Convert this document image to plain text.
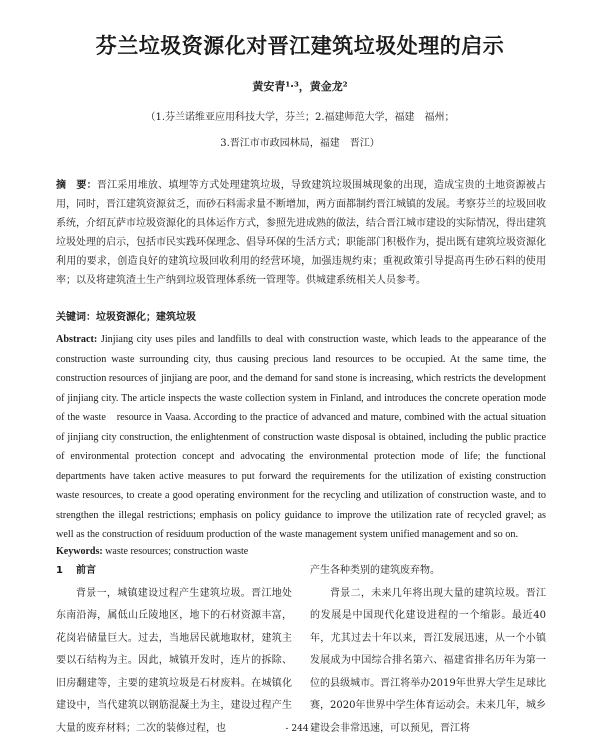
芬兰垃圾资源化对晋江建筑垃圾处理的启示
黄安青¹·³，黄金龙²
（1.芬兰诺维亚应用科技大学，芬兰；2.福建师范大学，福建　福州；
3.晋江市市政园林局，福建　晋江）
摘　要：晋江采用堆放、填埋等方式处理建筑垃圾，导致建筑垃圾围城现象的出现，造成宝贵的土地资源被占用，同时，晋江建筑资源贫乏，而砂石料需求量不断增加，两方面都制约晋江城镇的发展。考察芬兰的垃圾回收系统，介绍瓦萨市垃圾资源化的具体运作方式，参照先进成熟的做法，结合晋江城市建设的实际情况，得出建筑垃圾处理的启示，包括市民实践环保理念、倡导环保的生活方式；职能部门积极作为，提出既有建筑垃圾资源化利用的要求，创造良好的建筑垃圾回收利用的经营环境，加强违规约束；重视政策引导提高再生砂石料的使用率；以及将建筑渣土生产纳到垃圾管理体系统一管理等。供城建系统相关人员参考。
关键词：垃圾资源化；建筑垃圾
Abstract: Jinjiang city uses piles and landfills to deal with construction waste, which leads to the appearance of the construction waste surrounding city, thus causing precious land resources to be occupied. At the same time, the construction resources of jinjiang are poor, and the demand for sand stone is increasing, which restricts the development of jinjiang city. The article inspects the waste collection system in Finland, and introduces the concrete operation mode of the waste　resource in Vaasa. According to the practice of advanced and mature, combined with the actual situation of jinjiang city construction, the enlightenment of construction waste disposal is obtained, including the public practice of environmental protection concept and advocating the environmental protection mode of life; the functional departments have taken active measures to put forward the requirements for the utilization of existing construction waste resources, to create a good operating environment for the recycling and utilization of construction waste, and to strengthen the illegal restrictions; emphasis on policy guidance to improve the utilization rate of recycled gravel; as well as the construction of residuum production of the waste management system unified management and so on.
Keywords: waste resources; construction waste
1 前言
背景一，城镇建设过程产生建筑垃圾。晋江地处东南沿海，属低山丘陵地区，地下的石材资源丰富，花岗岩储量巨大。过去，当地居民就地取材，建筑主要以石结构为主。因此，城镇开发时，连片的拆除、旧房翻建等，主要的建筑垃圾是石材废料。在城镇化建设中，当代建筑以钢筋混凝土为主，建设过程产生大量的废弃材料；二次的装修过程，也
产生各种类别的建筑废弃物。
背景二，未来几年将出现大量的建筑垃圾。晋江的发展是中国现代化建设进程的一个缩影。最近40年，尤其过去十年以来，晋江发展迅速，从一个小镇发展成为中国综合排名第六、福建省排名历年为第一位的县级城市。晋江将举办2019年世界大学生足球比赛，2020年世界中学生体育运动会。未来几年，城乡建设会非常迅速，可以预见，晋江将
- 244 -
